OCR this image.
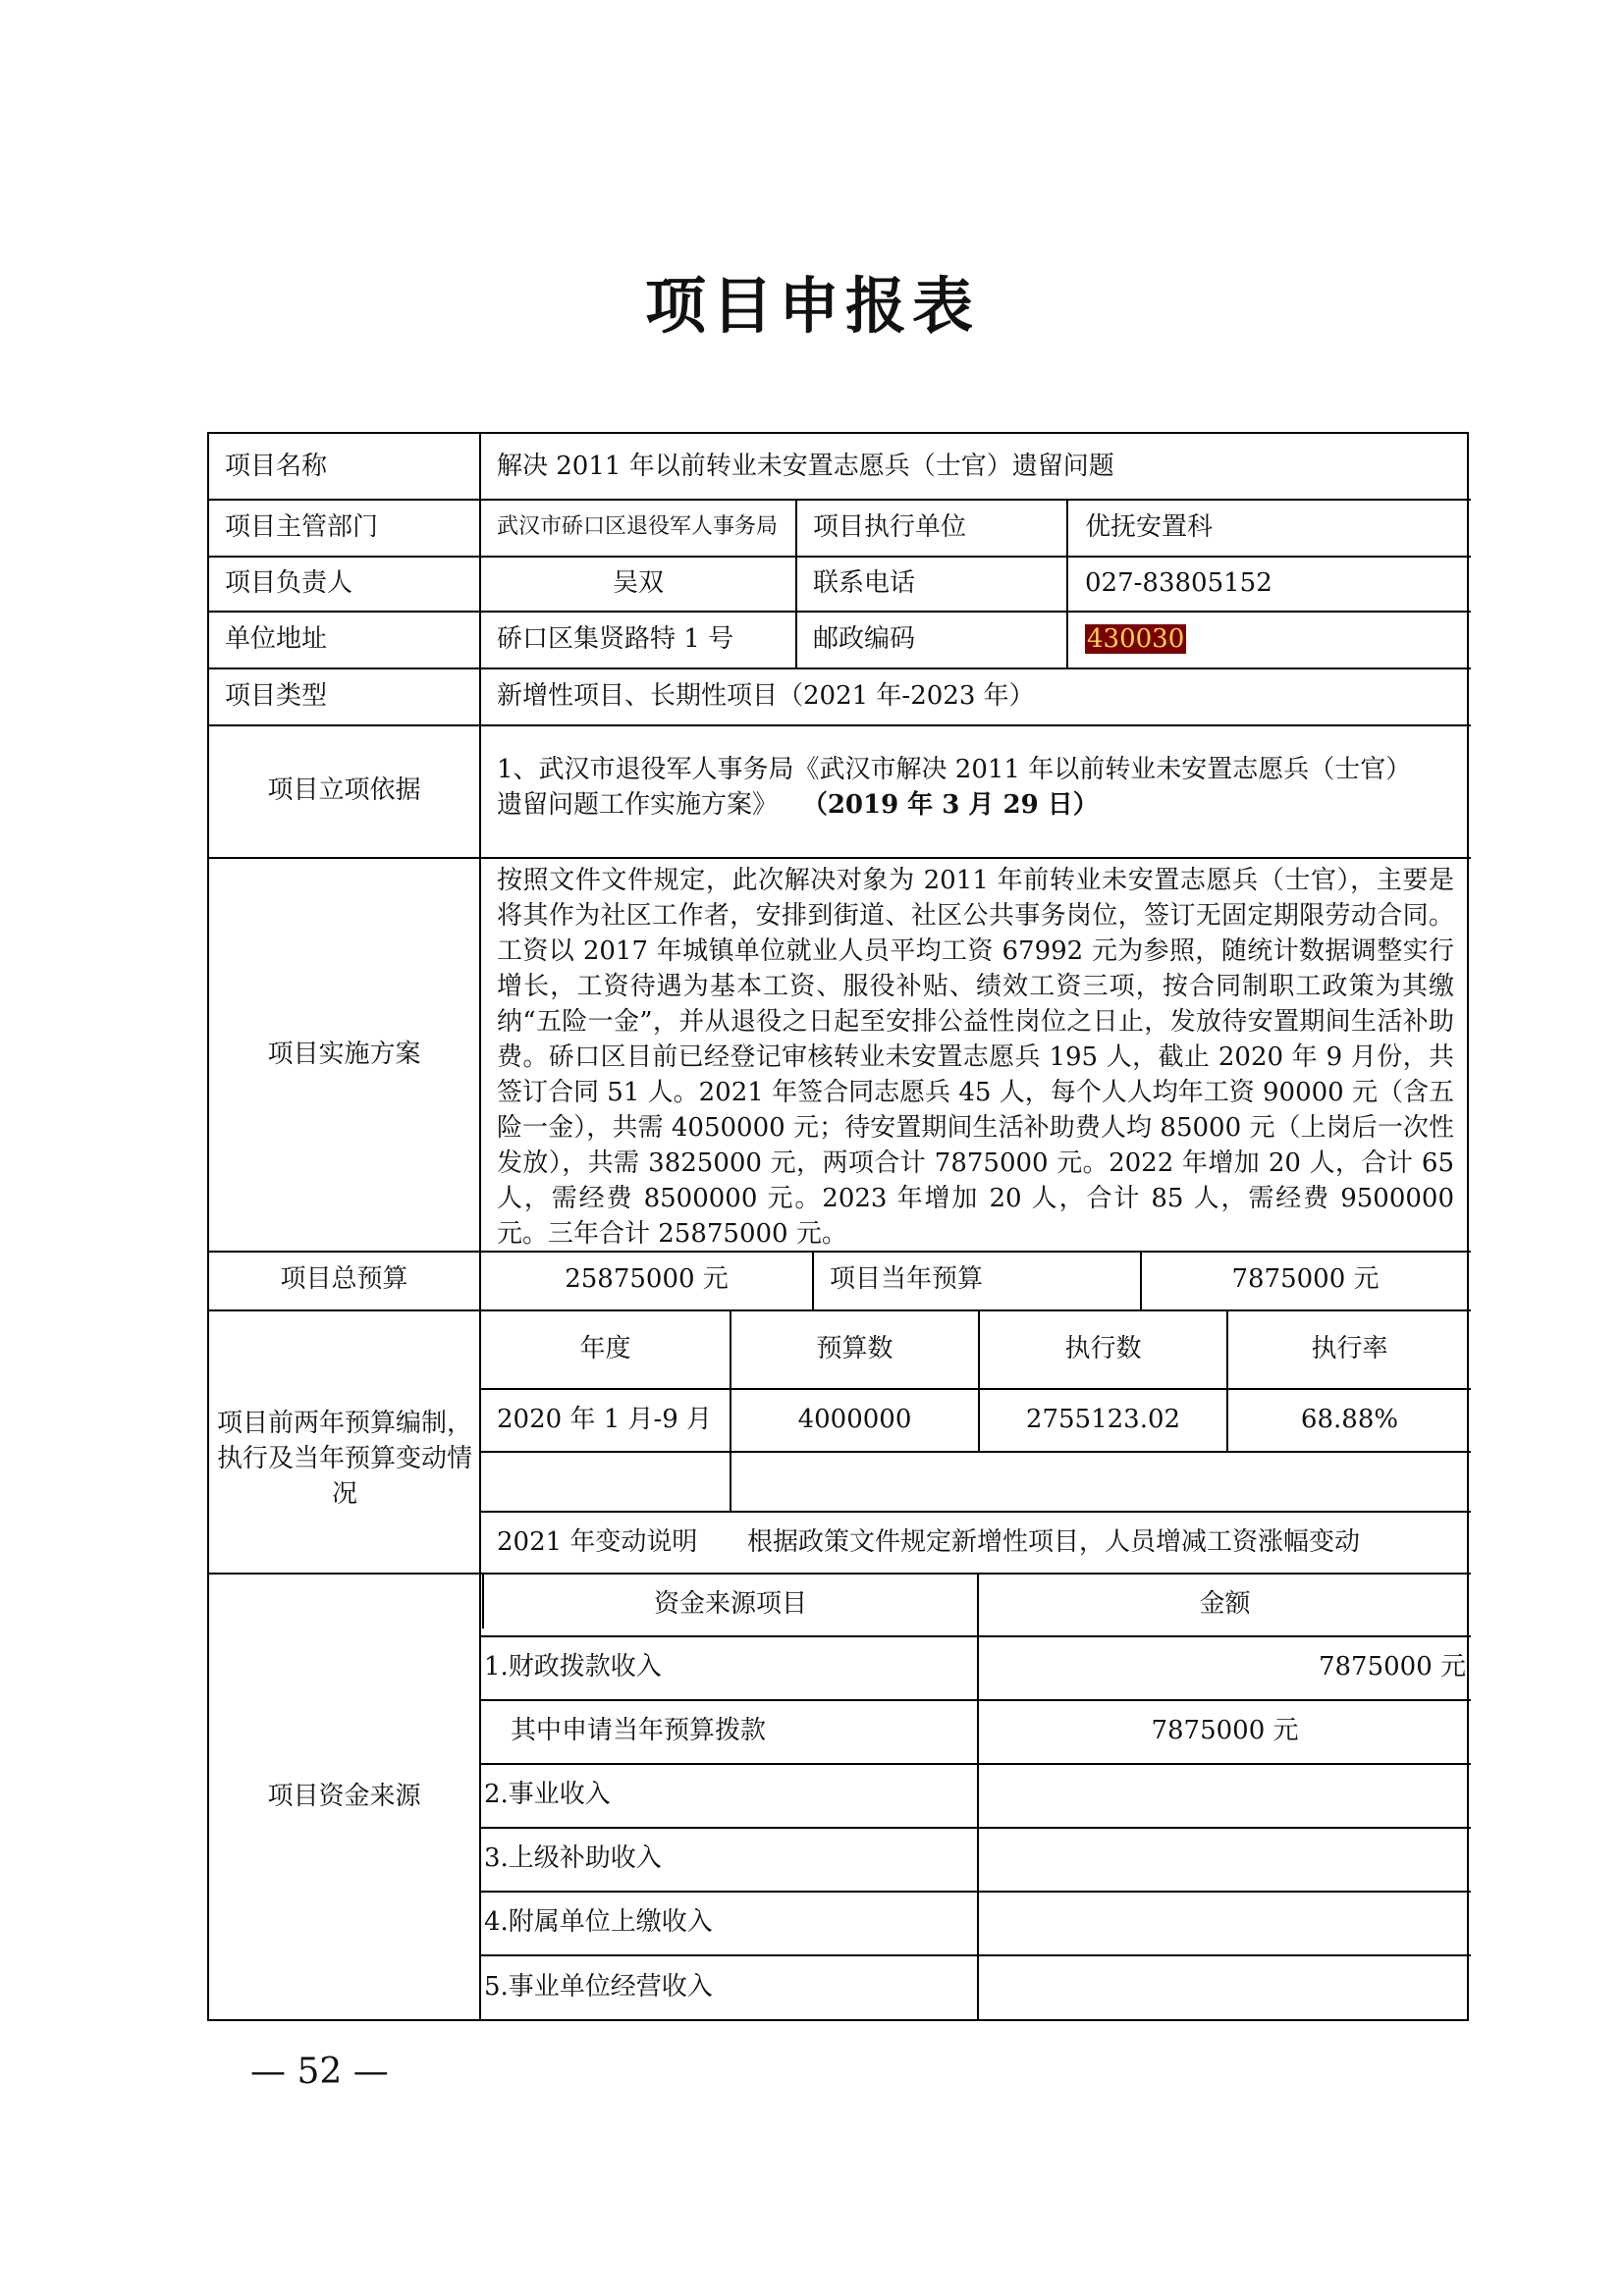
项目申报表
项目名称	解决 2011 年以前转业未安置志愿兵（士官）遗留问题
项目主管部门	武汉市硚口区退役军人事务局 项目执行单位	优抚安置科
项目负责人	吴双	联系电话	027-83805152
单位地址	硚口区集贤路特 1 号	邮政编码	430030
项目类型	新增性项目、长期性项目（2021 年-2023 年）
项目立项依据
1、武汉市退役军人事务局《武汉市解决 2011 年以前转业未安置志愿兵（士官）
遗留问题工作实施方案》 （2019 年 3 月 29 日）
项目实施方案
按照文件文件规定，此次解决对象为 2011 年前转业未安置志愿兵（士官），主要是将其作为社区工作者，安排到街道、社区公共事务岗位，签订无固定期限劳动合同。工资以 2017 年城镇单位就业人员平均工资 67992 元为参照，随统计数据调整实行增长，工资待遇为基本工资、服役补贴、绩效工资三项，按合同制职工政策为其缴纳“五险一金”，并从退役之日起至安排公益性岗位之日止，发放待安置期间生活补助费。硚口区目前已经登记审核转业未安置志愿兵 195 人，截止 2020 年 9 月份，共签订合同 51 人。2021 年签合同志愿兵 45 人，每个人人均年工资 90000 元（含五险一金），共需 4050000 元；待安置期间生活补助费人均 85000 元（上岗后一次性发放），共需 3825000 元，两项合计 7875000 元。2022 年增加 20 人，合计 65 人，需经费 8500000 元。2023 年增加 20 人，合计 85 人，需经费 9500000 元。三年合计 25875000 元。
项目总预算	25875000 元	项目当年预算	7875000 元
项目前两年预算编制，执行及当年预算变动情况
年度	预算数	执行数	执行率
2020 年 1 月-9 月	4000000	2755123.02	68.88%
2021 年变动说明 根据政策文件规定新增性项目，人员增减工资涨幅变动
项目资金来源
资金来源项目	金额
1.财政拨款收入	7875000 元
其中申请当年预算拨款	7875000 元
2.事业收入
3.上级补助收入
4.附属单位上缴收入
5.事业单位经营收入
— 52 —
